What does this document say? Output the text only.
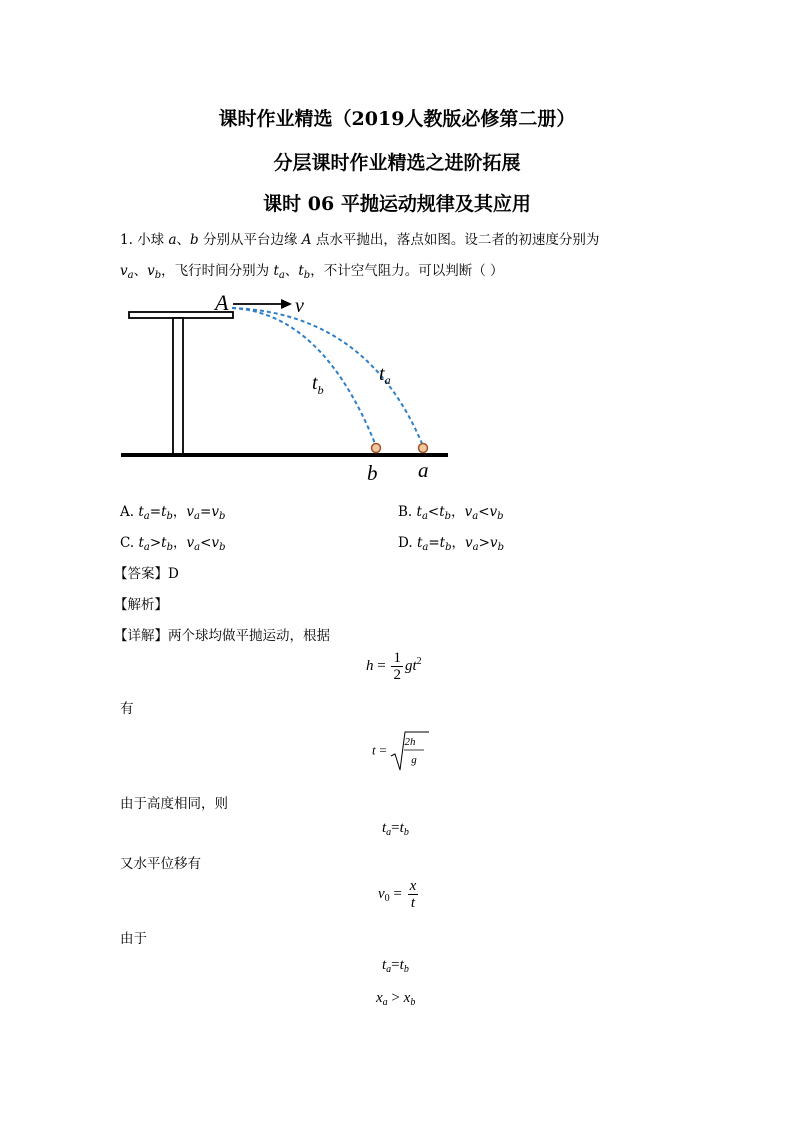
课时作业精选（2019人教版必修第二册）
分层课时作业精选之进阶拓展
课时 06 平抛运动规律及其应用
1. 小球 a、b 分别从平台边缘 A 点水平抛出，落点如图。设二者的初速度分别为
$v_a$、$v_b$，飞行时间分别为 $t_a$、$t_b$，不计空气阻力。可以判断（ ）
A	v
$t_a$
$t_b$
b a
A. $t_a=t_b$，$v_a=v_b$	B. $t_a<t_b$，$v_a<v_b$
C. $t_a>t_b$，$v_a<v_b$	D. $t_a=t_b$，$v_a>v_b$
【答案】D
【解析】
【详解】两个球均做平抛运动，根据
$h = \frac{1}{2} gt^2$
有
t =
2h
g
由于高度相同，则
$t_a=t_b$
又水平位移有
$v_0 = \frac{x}{t}$
由于
$t_a=t_b$
$x_a > x_b$
